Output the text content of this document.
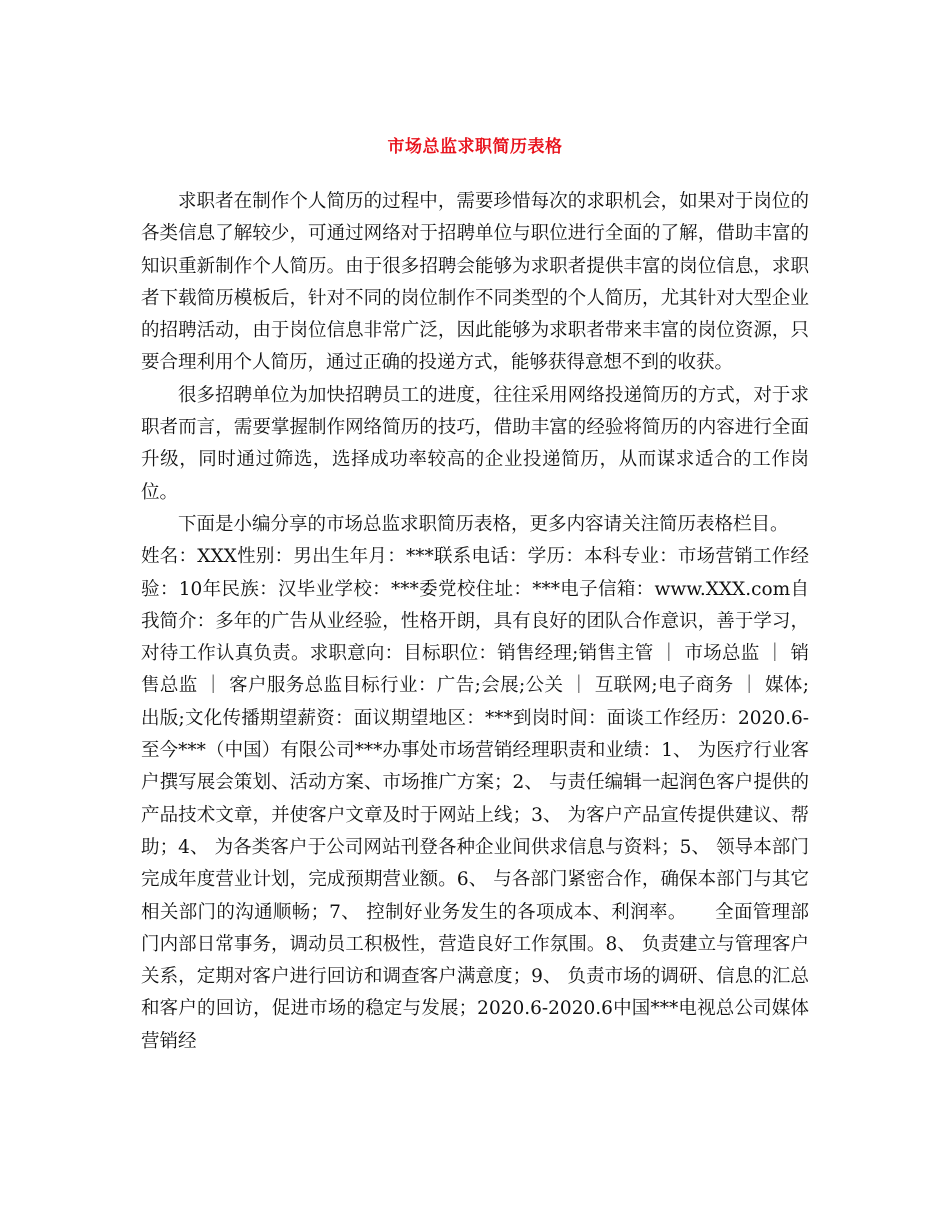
市场总监求职简历表格

求职者在制作个人简历的过程中，需要珍惜每次的求职机会，如果对于岗位的各类信息了解较少，可通过网络对于招聘单位与职位进行全面的了解，借助丰富的知识重新制作个人简历。由于很多招聘会能够为求职者提供丰富的岗位信息，求职者下载简历模板后，针对不同的岗位制作不同类型的个人简历，尤其针对大型企业的招聘活动，由于岗位信息非常广泛，因此能够为求职者带来丰富的岗位资源，只要合理利用个人简历，通过正确的投递方式，能够获得意想不到的收获。

很多招聘单位为加快招聘员工的进度，往往采用网络投递简历的方式，对于求职者而言，需要掌握制作网络简历的技巧，借助丰富的经验将简历的内容进行全面升级，同时通过筛选，选择成功率较高的企业投递简历，从而谋求适合的工作岗位。

下面是小编分享的市场总监求职简历表格，更多内容请关注简历表格栏目。

姓名：XXX性别：男出生年月：***联系电话：学历：本科专业：市场营销工作经验：10年民族：汉毕业学校：***委党校住址：***电子信箱：www.XXX.com自我简介：多年的广告从业经验，性格开朗，具有良好的团队合作意识，善于学习，对待工作认真负责。求职意向：目标职位：销售经理;销售主管 ｜ 市场总监 ｜ 销售总监 ｜ 客户服务总监目标行业：广告;会展;公关 ｜ 互联网;电子商务 ｜ 媒体;出版;文化传播期望薪资：面议期望地区：***到岗时间：面谈工作经历：2020.6-至今***（中国）有限公司***办事处市场营销经理职责和业绩：1、 为医疗行业客户撰写展会策划、活动方案、市场推广方案；2、 与责任编辑一起润色客户提供的产品技术文章，并使客户文章及时于网站上线；3、 为客户产品宣传提供建议、帮助；4、 为各类客户于公司网站刊登各种企业间供求信息与资料；5、 领导本部门完成年度营业计划，完成预期营业额。6、 与各部门紧密合作，确保本部门与其它相关部门的沟通顺畅；7、 控制好业务发生的各项成本、利润率。　　全面管理部门内部日常事务，调动员工积极性，营造良好工作氛围。8、 负责建立与管理客户关系，定期对客户进行回访和调查客户满意度；9、 负责市场的调研、信息的汇总和客户的回访，促进市场的稳定与发展；2020.6-2020.6中国***电视总公司媒体营销经
